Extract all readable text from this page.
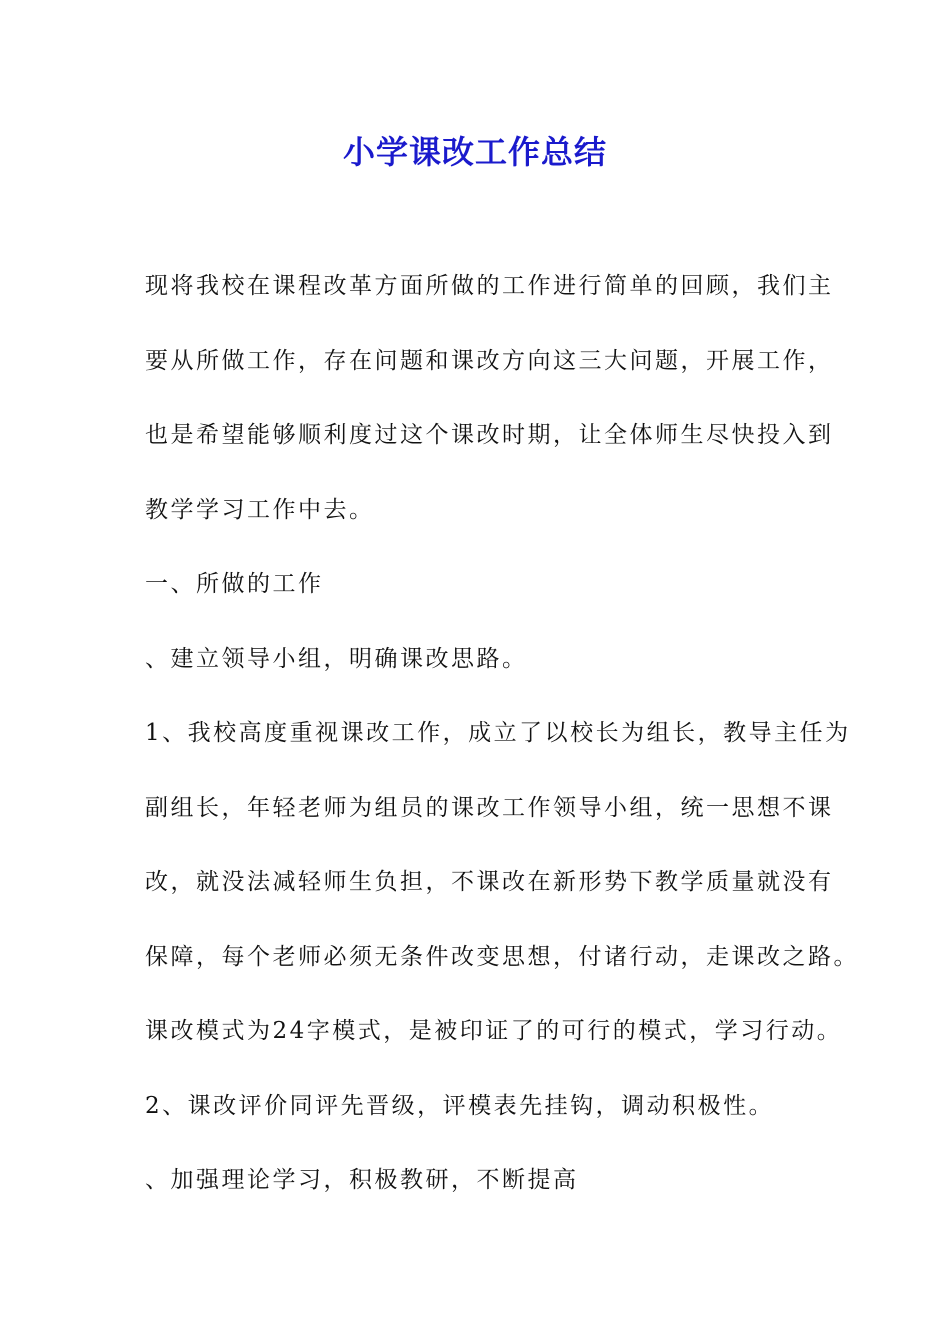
小学课改工作总结
现将我校在课程改革方面所做的工作进行简单的回顾，我们主
要从所做工作，存在问题和课改方向这三大问题，开展工作，
也是希望能够顺利度过这个课改时期，让全体师生尽快投入到
教学学习工作中去。
一、所做的工作
、建立领导小组，明确课改思路。
1、我校高度重视课改工作，成立了以校长为组长，教导主任为
副组长，年轻老师为组员的课改工作领导小组，统一思想不课
改，就没法减轻师生负担，不课改在新形势下教学质量就没有
保障，每个老师必须无条件改变思想，付诸行动，走课改之路。
课改模式为24字模式，是被印证了的可行的模式，学习行动。
2、课改评价同评先晋级，评模表先挂钩，调动积极性。
、加强理论学习，积极教研，不断提高
